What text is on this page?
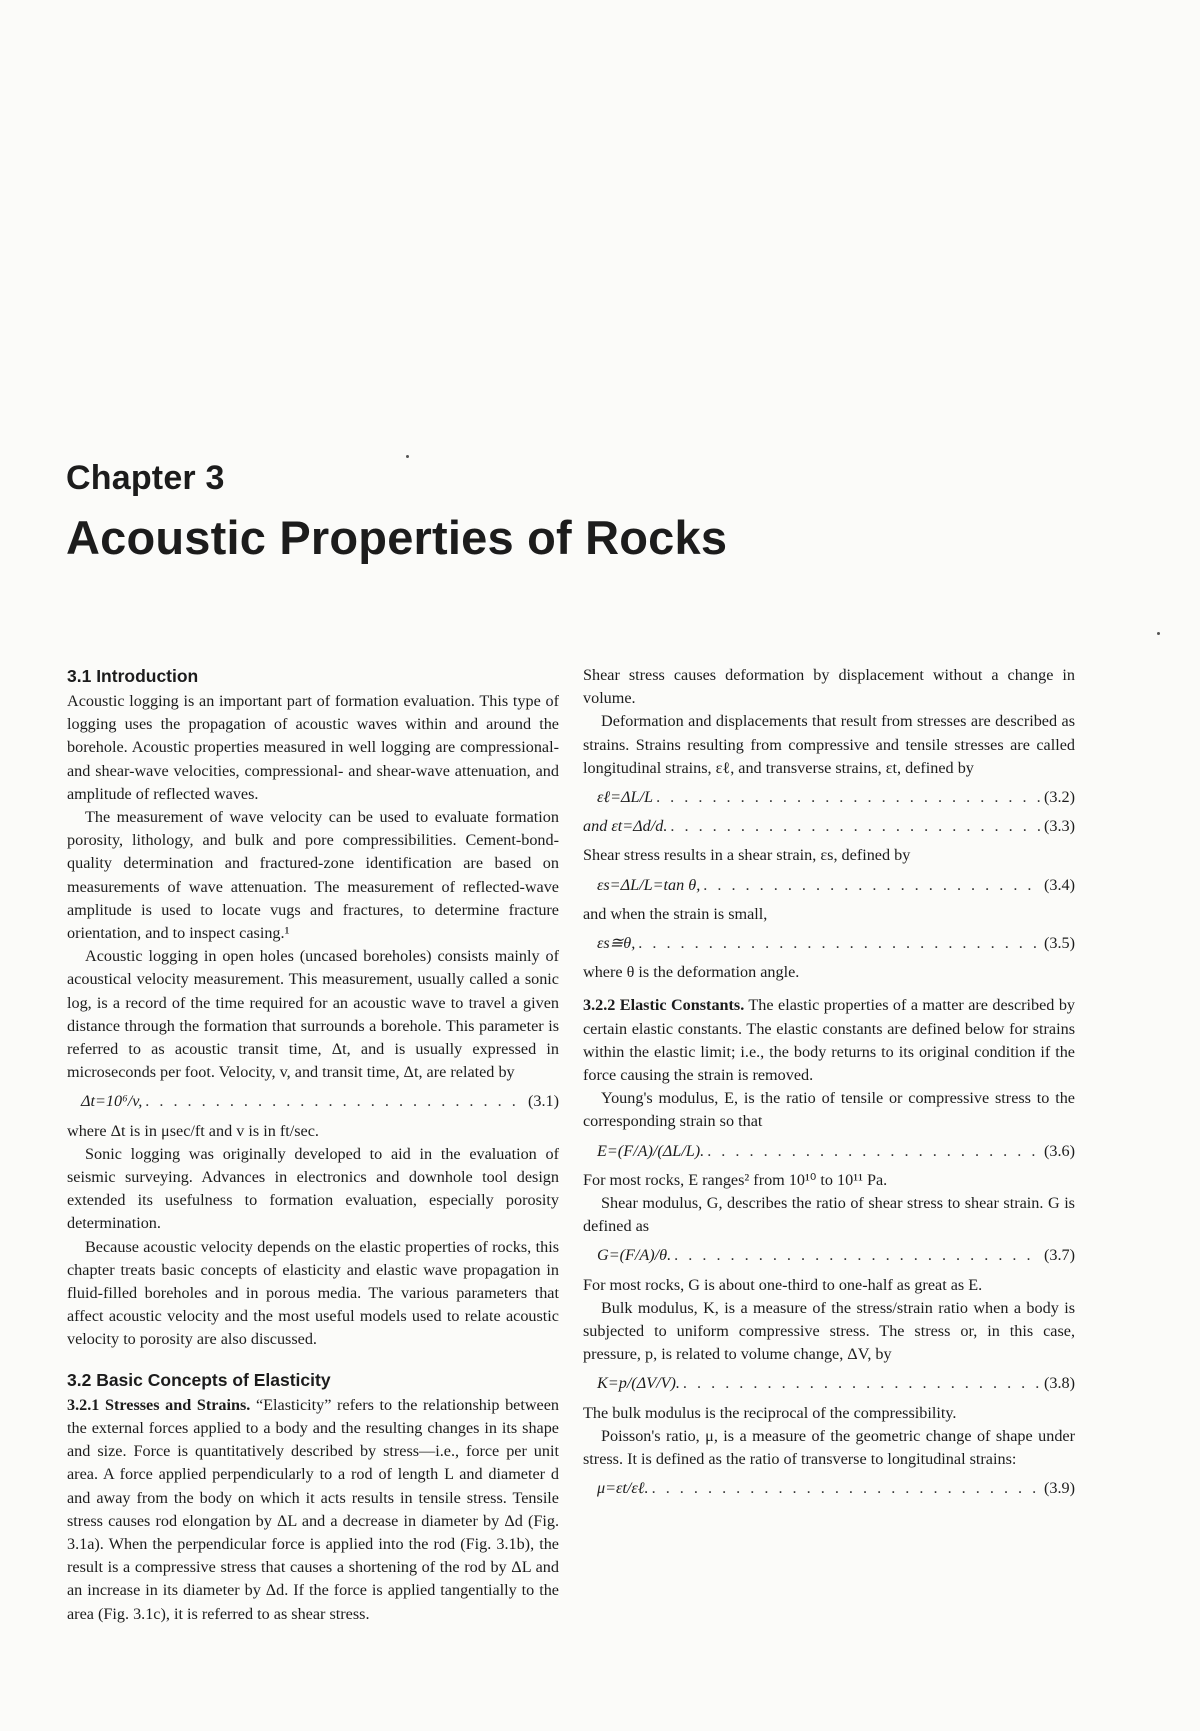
Chapter 3
Acoustic Properties of Rocks
3.1 Introduction

Acoustic logging is an important part of formation evaluation. This type of logging uses the propagation of acoustic waves within and around the borehole. Acoustic properties measured in well logging are compressional- and shear-wave velocities, compressional- and shear-wave attenuation, and amplitude of reflected waves.

The measurement of wave velocity can be used to evaluate formation porosity, lithology, and bulk and pore compressibilities. Cement-bond-quality determination and fractured-zone identification are based on measurements of wave attenuation. The measurement of reflected-wave amplitude is used to locate vugs and fractures, to determine fracture orientation, and to inspect casing.¹

Acoustic logging in open holes (uncased boreholes) consists mainly of acoustical velocity measurement. This measurement, usually called a sonic log, is a record of the time required for an acoustic wave to travel a given distance through the formation that surrounds a borehole. This parameter is referred to as acoustic transit time, Δt, and is usually expressed in microseconds per foot. Velocity, v, and transit time, Δt, are related by

Δt=10⁶/v, . . .	(3.1)

where Δt is in μsec/ft and v is in ft/sec.

Sonic logging was originally developed to aid in the evaluation of seismic surveying. Advances in electronics and downhole tool design extended its usefulness to formation evaluation, especially porosity determination.

Because acoustic velocity depends on the elastic properties of rocks, this chapter treats basic concepts of elasticity and elastic wave propagation in fluid-filled boreholes and in porous media. The various parameters that affect acoustic velocity and the most useful models used to relate acoustic velocity to porosity are also discussed.

3.2 Basic Concepts of Elasticity

3.2.1 Stresses and Strains. “Elasticity” refers to the relationship between the external forces applied to a body and the resulting changes in its shape and size. Force is quantitatively described by stress—i.e., force per unit area. A force applied perpendicularly to a rod of length L and diameter d and away from the body on which it acts results in tensile stress. Tensile stress causes rod elongation by ΔL and a decrease in diameter by Δd (Fig. 3.1a). When the perpendicular force is applied into the rod (Fig. 3.1b), the result is a compressive stress that causes a shortening of the rod by ΔL and an increase in its diameter by Δd. If the force is applied tangentially to the area (Fig. 3.1c), it is referred to as shear stress.

Shear stress causes deformation by displacement without a change in volume.

Deformation and displacements that result from stresses are described as strains. Strains resulting from compressive and tensile stresses are called longitudinal strains, εℓ, and transverse strains, εt, defined by

εℓ=ΔL/L . . .	(3.2)
and εt=Δd/d. . . .	(3.3)

Shear stress results in a shear strain, εs, defined by

εs=ΔL/L=tan θ, . . .	(3.4)

and when the strain is small,

εs≅θ, . . .	(3.5)

where θ is the deformation angle.

3.2.2 Elastic Constants. The elastic properties of a matter are described by certain elastic constants. The elastic constants are defined below for strains within the elastic limit; i.e., the body returns to its original condition if the force causing the strain is removed.

Young's modulus, E, is the ratio of tensile or compressive stress to the corresponding strain so that

E=(F/A)/(ΔL/L). . . .	(3.6)

For most rocks, E ranges² from 10¹⁰ to 10¹¹ Pa.

Shear modulus, G, describes the ratio of shear stress to shear strain. G is defined as

G=(F/A)/θ. . . .	(3.7)

For most rocks, G is about one-third to one-half as great as E.

Bulk modulus, K, is a measure of the stress/strain ratio when a body is subjected to uniform compressive stress. The stress or, in this case, pressure, p, is related to volume change, ΔV, by

K=p/(ΔV/V). . . .	(3.8)

The bulk modulus is the reciprocal of the compressibility.

Poisson's ratio, μ, is a measure of the geometric change of shape under stress. It is defined as the ratio of transverse to longitudinal strains:

μ=εt/εℓ. . . .	(3.9)
